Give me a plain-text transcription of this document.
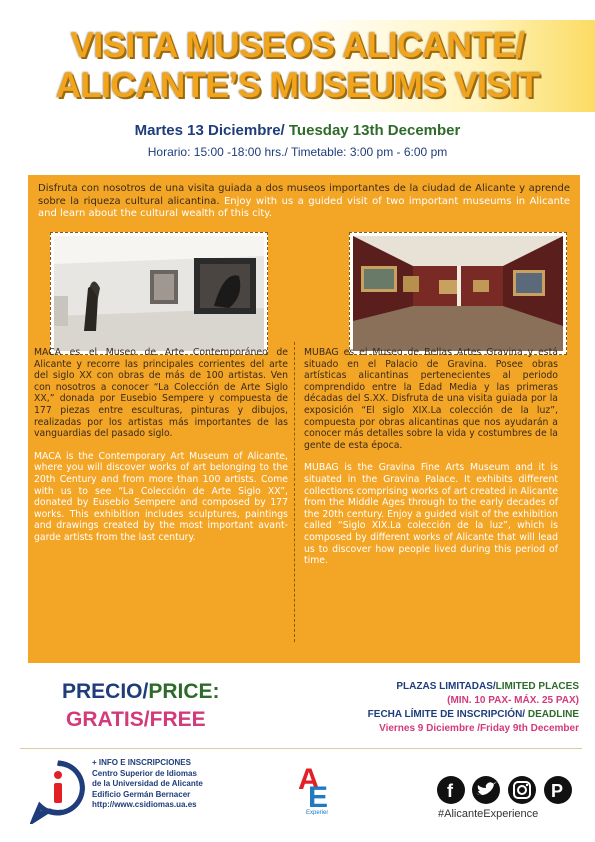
VISITA MUSEOS ALICANTE/
ALICANTE’S MUSEUMS VISIT
Martes 13 Diciembre/ Tuesday 13th December
Horario: 15:00 -18:00 hrs./ Timetable: 3:00 pm - 6:00 pm
Disfruta con nosotros de una visita guiada a dos museos importantes de la ciudad de Alicante y aprende sobre la riqueza cultural alicantina. Enjoy with us a guided visit of two important museums in Alicante and learn about the cultural wealth of this city.

MACA es el Museo de Arte Contemporáneo de Alicante y recorre las principales corrientes del arte del siglo XX con obras de más de 100 artistas. Ven con nosotros a conocer “La Colección de Arte Siglo XX,” donada por Eusebio Sempere y compuesta de 177 piezas entre esculturas, pinturas y dibujos, realizadas por los artistas más importantes de las vanguardias del pasado siglo.

MACA is the Contemporary Art Museum of Alicante, where you will discover works of art belonging to the 20th Century and from more than 100 artists. Come with us to see “La Colección de Arte Siglo XX”, donated by Eusebio Sempere and composed by 177 works. This exhibition includes sculptures, paintings and drawings created by the most important avant-garde artists from the last century.

MUBAG es el Museo de Bellas Artes Gravina y está situado en el Palacio de Gravina. Posee obras artísticas alicantinas pertenecientes al periodo comprendido entre la Edad Media y las primeras décadas del S.XX. Disfruta de una visita guiada por la exposición “El siglo XIX.La colección de la luz”, compuesta por obras alicantinas que nos ayudarán a conocer más detalles sobre la vida y costumbres de la gente de esta época.

MUBAG is the Gravina Fine Arts Museum and it is situated in the Gravina Palace. It exhibits different collections comprising works of art created in Alicante from the Middle Ages through to the early decades of the 20th century. Enjoy a guided visit of the exhibition called “Siglo XIX.La colección de la luz”, which is composed by different works of Alicante that will lead us to discover how people lived during this period of time.

PRECIO/PRICE:
GRATIS/FREE
PLAZAS LIMITADAS/LIMITED PLACES
(MIN. 10 PAX- MÁX. 25 PAX)
FECHA LÍMITE DE INSCRIPCIÓN/ DEADLINE
Viernes 9 Diciembre /Friday 9th December
+ INFO E INSCRIPCIONES
Centro Superior de Idiomas
de la Universidad de Alicante
Edificio Germán Bernacer
http://www.csidiomas.ua.es
A
E
Experie
f	P
#AlicanteExperience
